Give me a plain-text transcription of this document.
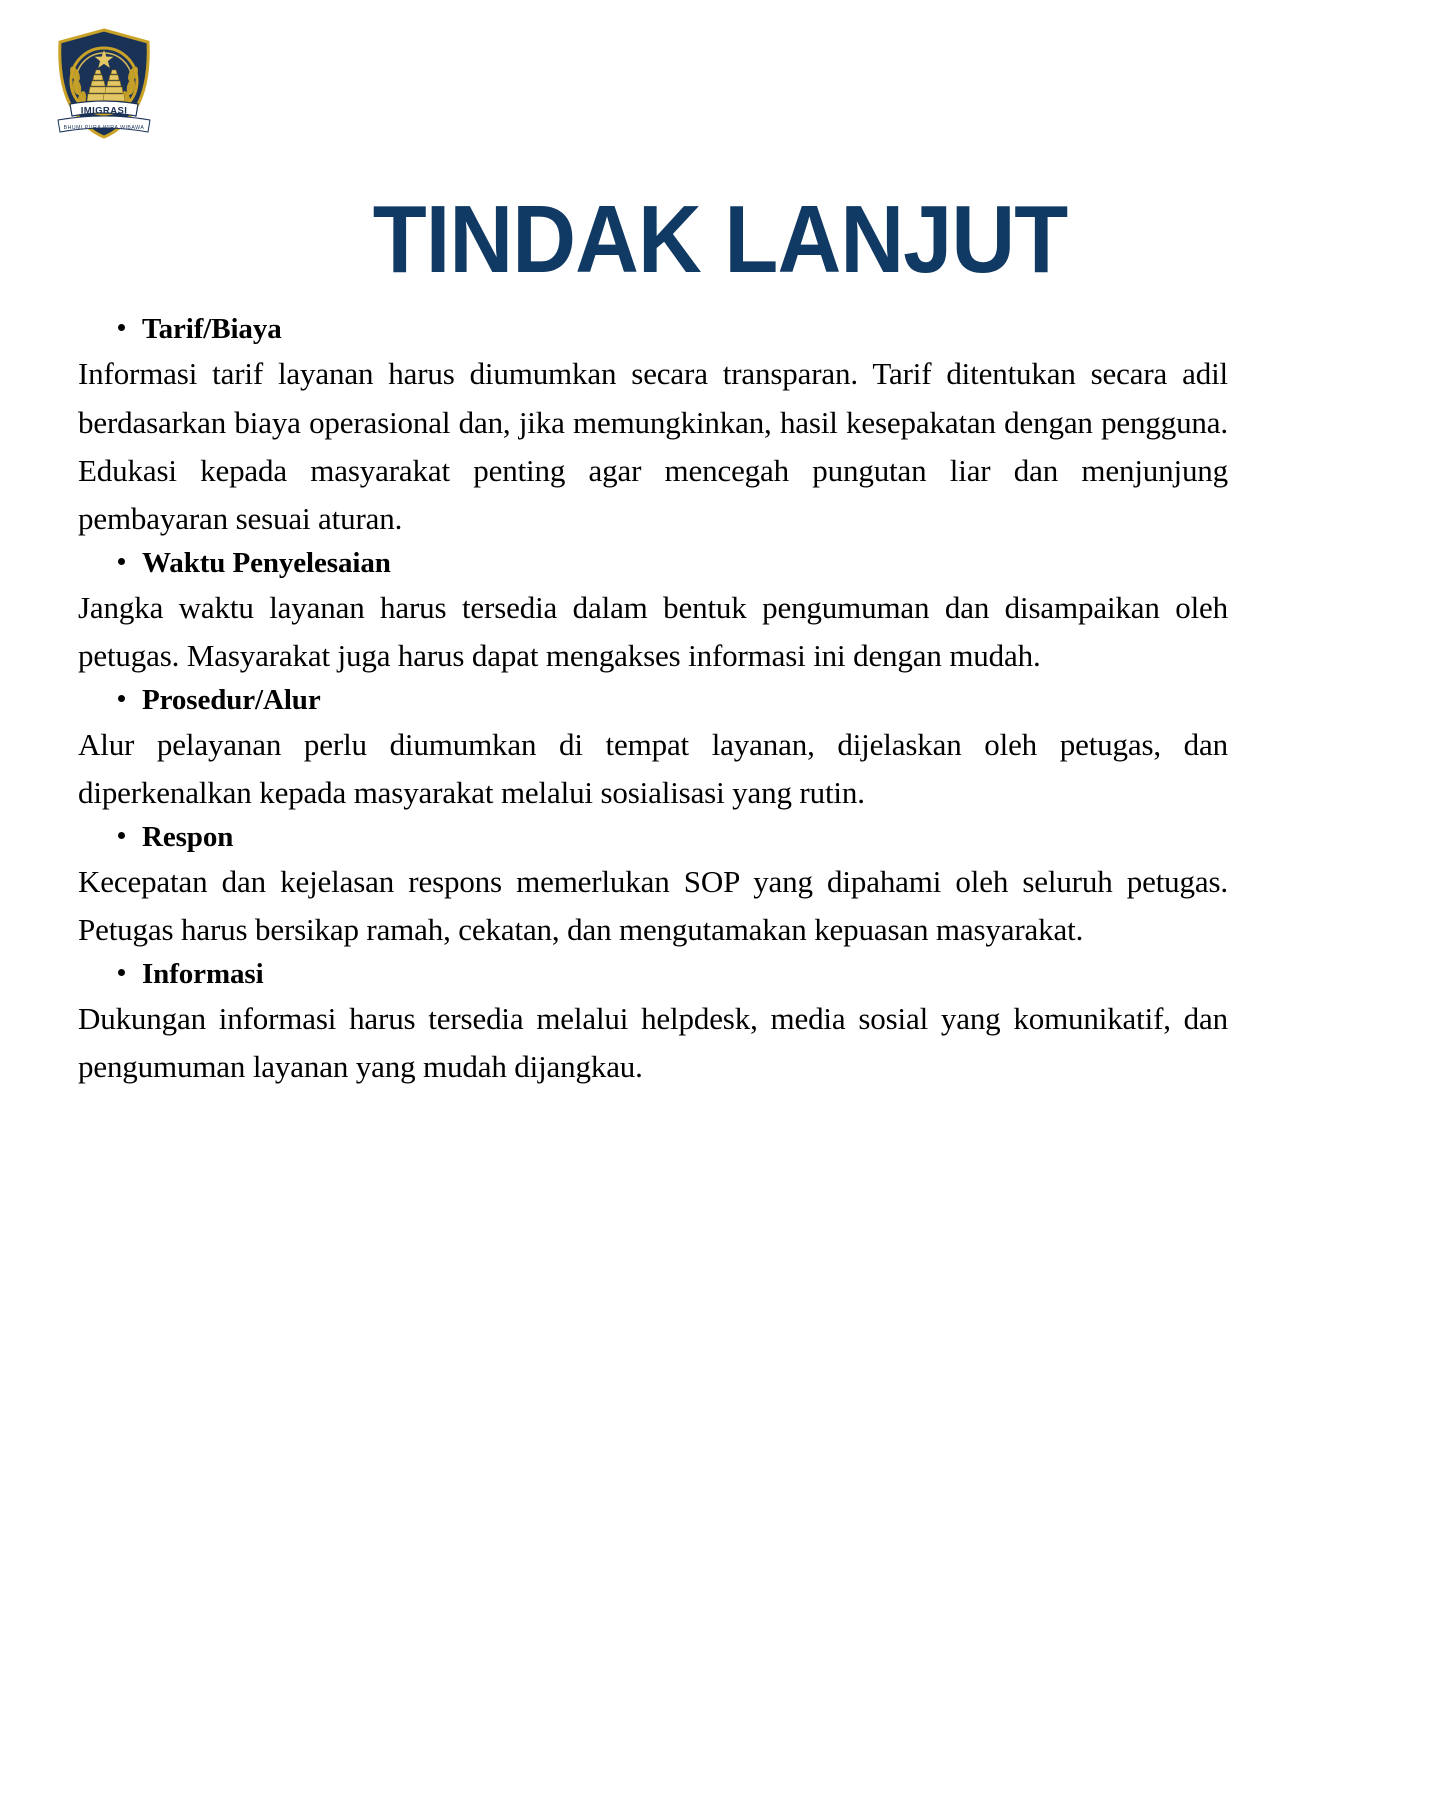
IMIGRASI
BHUMI PURA WIRA WIBAWA
TINDAK LANJUT
Tarif/Biaya

Informasi tarif layanan harus diumumkan secara transparan. Tarif ditentukan secara adil berdasarkan biaya operasional dan, jika memungkinkan, hasil kesepakatan dengan pengguna. Edukasi kepada masyarakat penting agar mencegah pungutan liar dan menjunjung pembayaran sesuai aturan.

Waktu Penyelesaian

Jangka waktu layanan harus tersedia dalam bentuk pengumuman dan disampaikan oleh petugas. Masyarakat juga harus dapat mengakses informasi ini dengan mudah.

Prosedur/Alur

Alur pelayanan perlu diumumkan di tempat layanan, dijelaskan oleh petugas, dan diperkenalkan kepada masyarakat melalui sosialisasi yang rutin.

Respon

Kecepatan dan kejelasan respons memerlukan SOP yang dipahami oleh seluruh petugas. Petugas harus bersikap ramah, cekatan, dan mengutamakan kepuasan masyarakat.

Informasi

Dukungan informasi harus tersedia melalui helpdesk, media sosial yang komunikatif, dan pengumuman layanan yang mudah dijangkau.
